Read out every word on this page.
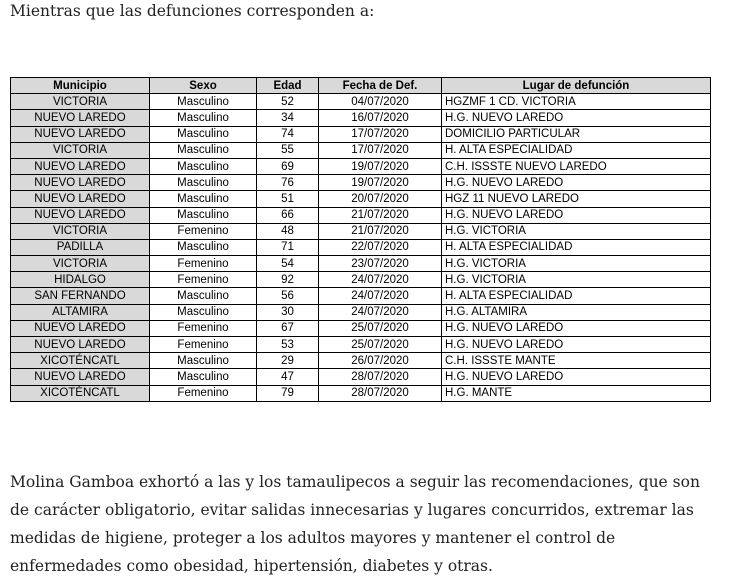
Mientras que las defunciones corresponden a:

Municipio	Sexo	Edad	Fecha de Def.	Lugar de defunción
VICTORIA	Masculino	52	04/07/2020	HGZMF 1 CD. VICTORIA
NUEVO LAREDO	Masculino	34	16/07/2020	H.G. NUEVO LAREDO
NUEVO LAREDO	Masculino	74	17/07/2020	DOMICILIO PARTICULAR
VICTORIA	Masculino	55	17/07/2020	H. ALTA ESPECIALIDAD
NUEVO LAREDO	Masculino	69	19/07/2020	C.H. ISSSTE NUEVO LAREDO
NUEVO LAREDO	Masculino	76	19/07/2020	H.G. NUEVO LAREDO
NUEVO LAREDO	Masculino	51	20/07/2020	HGZ 11 NUEVO LAREDO
NUEVO LAREDO	Masculino	66	21/07/2020	H.G. NUEVO LAREDO
VICTORIA	Femenino	48	21/07/2020	H.G. VICTORIA
PADILLA	Masculino	71	22/07/2020	H. ALTA ESPECIALIDAD
VICTORIA	Femenino	54	23/07/2020	H.G. VICTORIA
HIDALGO	Femenino	92	24/07/2020	H.G. VICTORIA
SAN FERNANDO	Masculino	56	24/07/2020	H. ALTA ESPECIALIDAD
ALTAMIRA	Masculino	30	24/07/2020	H.G. ALTAMIRA
NUEVO LAREDO	Femenino	67	25/07/2020	H.G. NUEVO LAREDO
NUEVO LAREDO	Femenino	53	25/07/2020	H.G. NUEVO LAREDO
XICOTÉNCATL	Masculino	29	26/07/2020	C.H. ISSSTE MANTE
NUEVO LAREDO	Masculino	47	28/07/2020	H.G. NUEVO LAREDO
XICOTÉNCATL	Femenino	79	28/07/2020	H.G. MANTE

Molina Gamboa exhortó a las y los tamaulipecos a seguir las recomendaciones, que son de carácter obligatorio, evitar salidas innecesarias y lugares concurridos, extremar las medidas de higiene, proteger a los adultos mayores y mantener el control de enfermedades como obesidad, hipertensión, diabetes y otras.
